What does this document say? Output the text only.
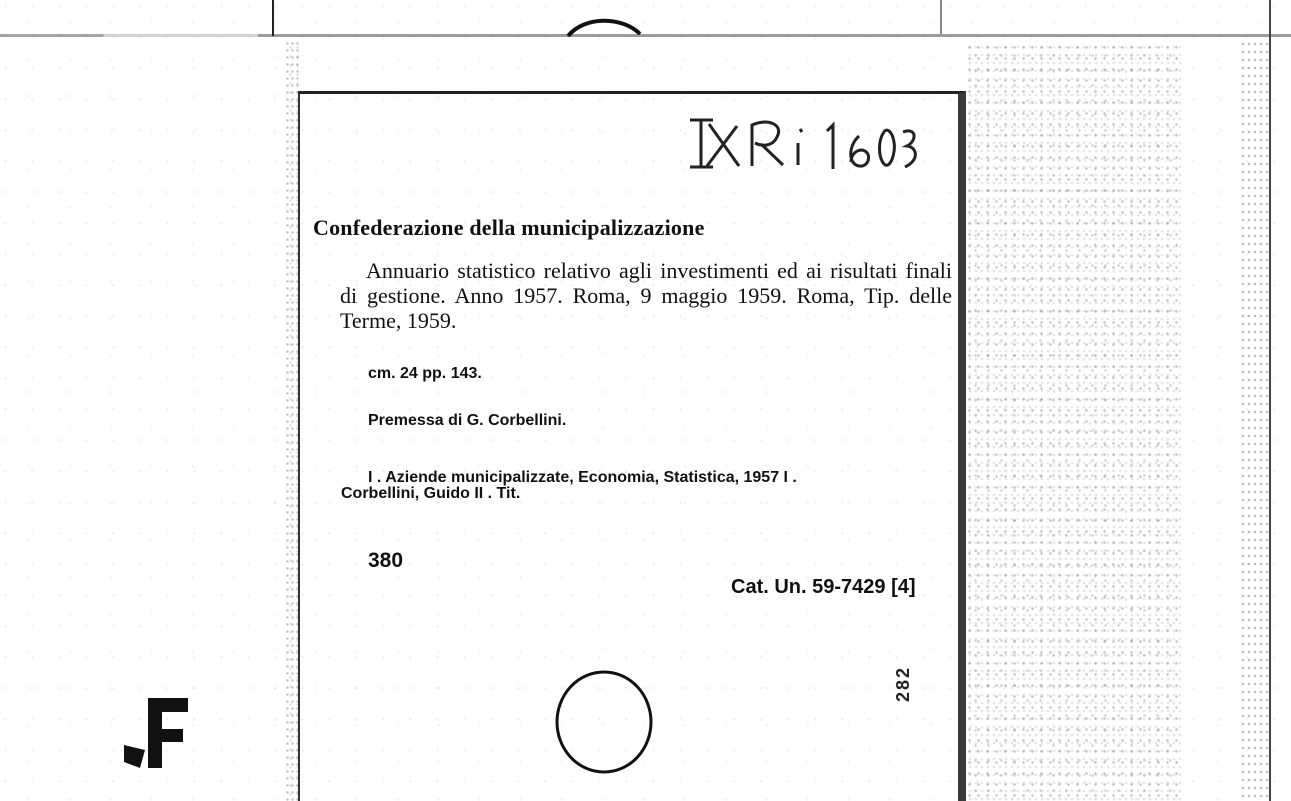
Confederazione della municipalizzazione
Annuario statistico relativo agli investimenti ed ai risultati finali di gestione. Anno 1957. Roma, 9 maggio 1959. Roma, Tip. delle Terme, 1959.
cm. 24 pp. 143.
Premessa di G. Corbellini.
I . Aziende municipalizzate, Economia, Statistica, 1957 I .
Corbellini, Guido II . Tit.
380
Cat. Un. 59-7429 [4]
282
